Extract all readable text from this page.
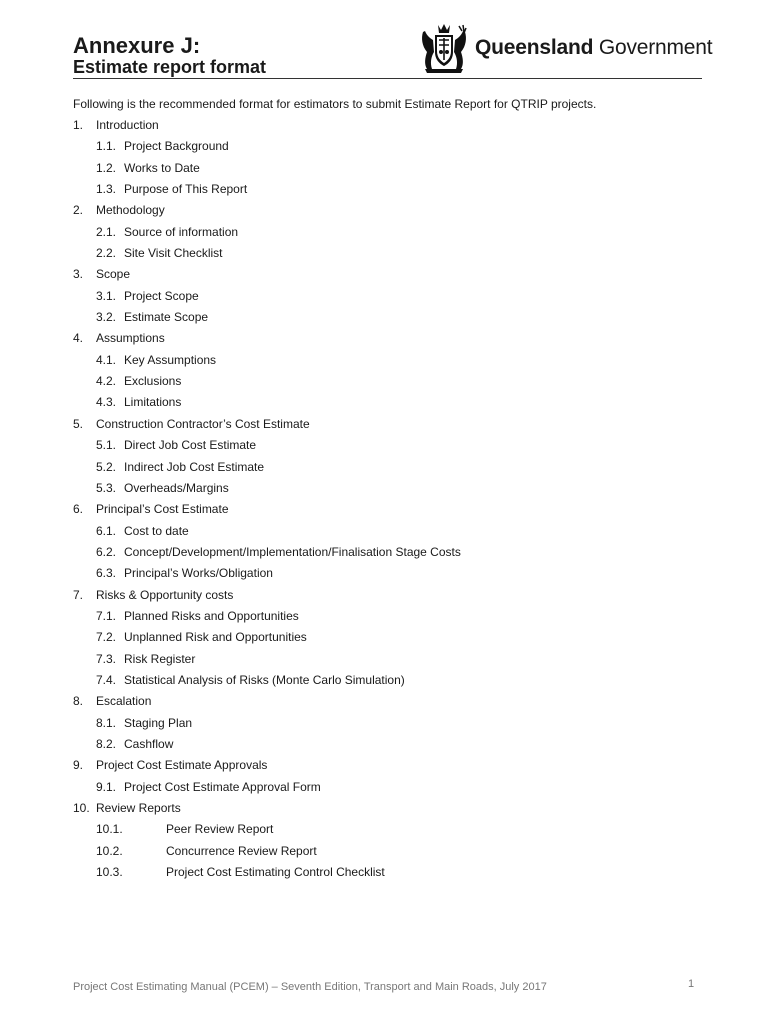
Annexure J:
Estimate report format
Queensland Government
Following is the recommended format for estimators to submit Estimate Report for QTRIP projects.
1.	Introduction
1.1. Project Background
1.2. Works to Date
1.3. Purpose of This Report
2.	Methodology
2.1. Source of information
2.2. Site Visit Checklist
3.	Scope
3.1. Project Scope
3.2. Estimate Scope
4.	Assumptions
4.1. Key Assumptions
4.2. Exclusions
4.3. Limitations
5.	Construction Contractor’s Cost Estimate
5.1. Direct Job Cost Estimate
5.2. Indirect Job Cost Estimate
5.3. Overheads/Margins
6.	Principal’s Cost Estimate
6.1. Cost to date
6.2. Concept/Development/Implementation/Finalisation Stage Costs
6.3. Principal’s Works/Obligation
7.	Risks & Opportunity costs
7.1. Planned Risks and Opportunities
7.2. Unplanned Risk and Opportunities
7.3. Risk Register
7.4. Statistical Analysis of Risks (Monte Carlo Simulation)
8.	Escalation
8.1. Staging Plan
8.2. Cashflow
9.	Project Cost Estimate Approvals
9.1. Project Cost Estimate Approval Form
10. Review Reports
10.1.	Peer Review Report
10.2.	Concurrence Review Report
10.3.	Project Cost Estimating Control Checklist
Project Cost Estimating Manual (PCEM) – Seventh Edition, Transport and Main Roads, July 2017	1
